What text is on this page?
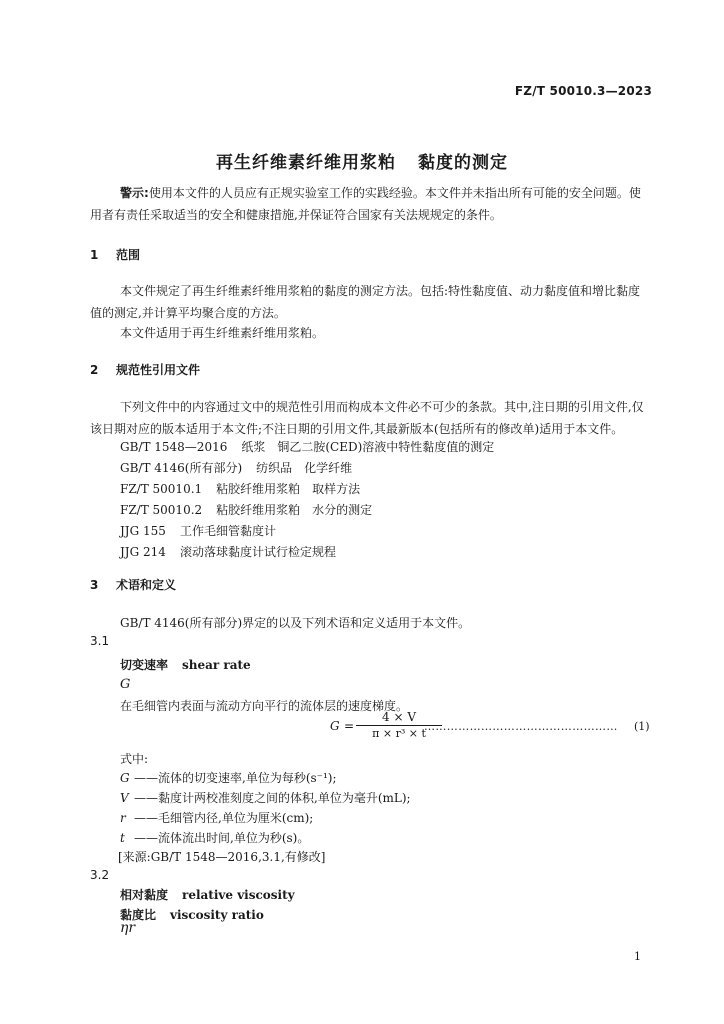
FZ/T 50010.3—2023
再生纤维素纤维用浆粕 黏度的测定
警示:使用本文件的人员应有正规实验室工作的实践经验。本文件并未指出所有可能的安全问题。使用者有责任采取适当的安全和健康措施,并保证符合国家有关法规规定的条件。
1 范围
本文件规定了再生纤维素纤维用浆粕的黏度的测定方法。包括:特性黏度值、动力黏度值和增比黏度值的测定,并计算平均聚合度的方法。
本文件适用于再生纤维素纤维用浆粕。
2 规范性引用文件
下列文件中的内容通过文中的规范性引用而构成本文件必不可少的条款。其中,注日期的引用文件,仅该日期对应的版本适用于本文件;不注日期的引用文件,其最新版本(包括所有的修改单)适用于本文件。
GB/T 1548—2016 纸浆　铜乙二胺(CED)溶液中特性黏度值的测定
GB/T 4146(所有部分) 纺织品　化学纤维
FZ/T 50010.1 粘胶纤维用浆粕　取样方法
FZ/T 50010.2 粘胶纤维用浆粕　水分的测定
JJG 155 工作毛细管黏度计
JJG 214 滚动落球黏度计试行检定规程
3 术语和定义
GB/T 4146(所有部分)界定的以及下列术语和定义适用于本文件。
3.1
切变速率 shear rate
G
在毛细管内表面与流动方向平行的流体层的速度梯度。
$G = \frac{4 \times V}{\text{π × r³ × t}}$
…………………………………………… (1)
式中:
G ——流体的切变速率,单位为每秒(s⁻¹);
V ——黏度计两校准刻度之间的体积,单位为毫升(mL);
r ——毛细管内径,单位为厘米(cm);
t ——流体流出时间,单位为秒(s)。
[来源:GB/T 1548—2016,3.1,有修改]
3.2
相对黏度 relative viscosity
黏度比 viscosity ratio
ηr
1
